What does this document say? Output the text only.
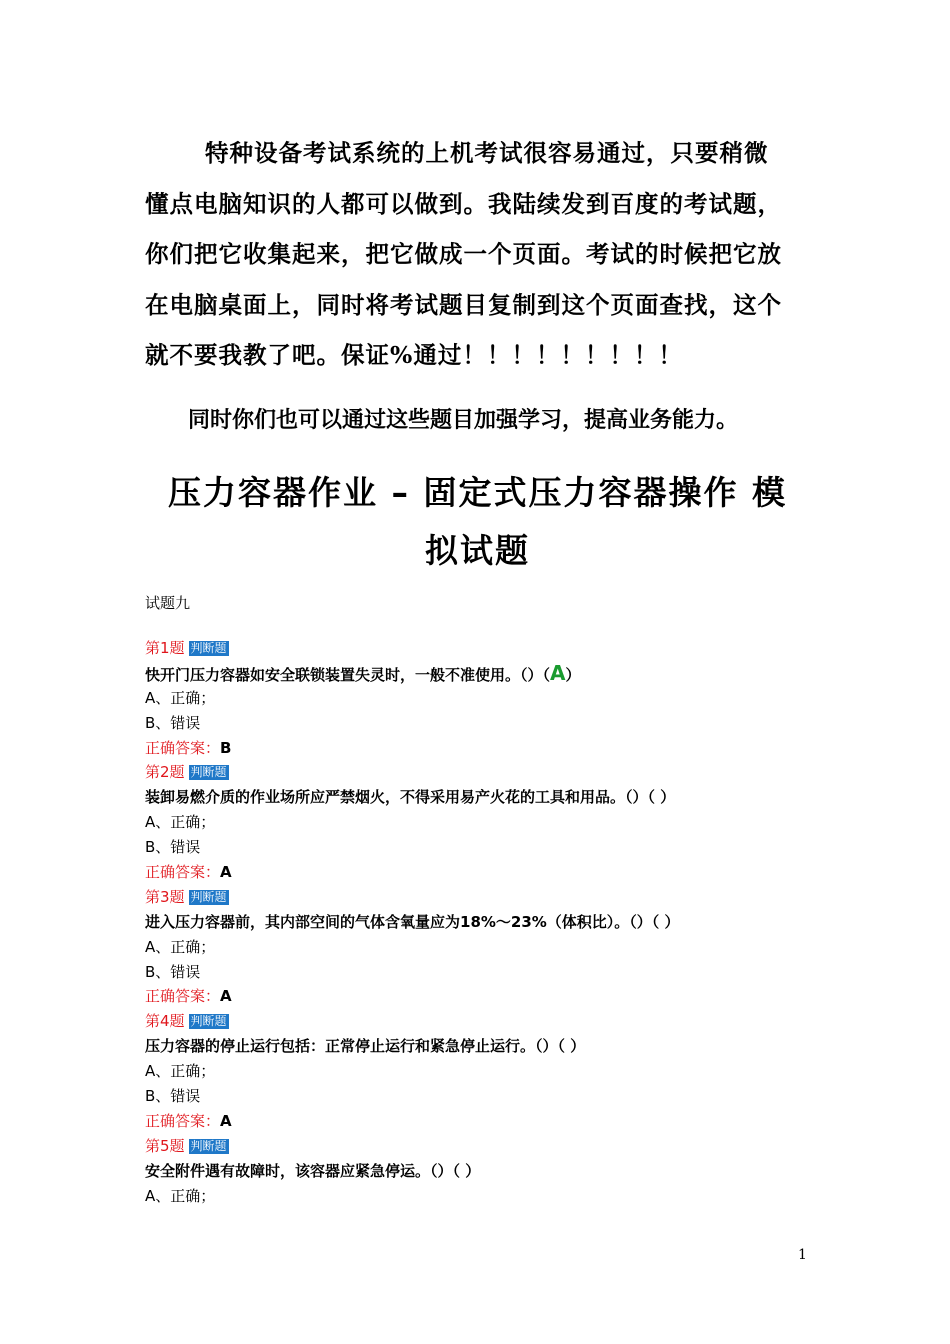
特种设备考试系统的上机考试很容易通过，只要稍微
懂点电脑知识的人都可以做到。我陆续发到百度的考试题，
你们把它收集起来，把它做成一个页面。考试的时候把它放
在电脑桌面上，同时将考试题目复制到这个页面查找，这个
就不要我教了吧。保证%通过！！！！！！！！！

同时你们也可以通过这些题目加强学习，提高业务能力。

压力容器作业 – 固定式压力容器操作 模
拟试题

试题九

第1题 判断题
快开门压力容器如安全联锁装置失灵时，一般不准使用。（）（A）
A、正确；
B、错误
正确答案：B
第2题 判断题
装卸易燃介质的作业场所应严禁烟火，不得采用易产火花的工具和用品。（）（ ）
A、正确；
B、错误
正确答案：A
第3题 判断题
进入压力容器前，其内部空间的气体含氧量应为18%～23%（体积比）。（）（ ）
A、正确；
B、错误
正确答案：A
第4题 判断题
压力容器的停止运行包括：正常停止运行和紧急停止运行。（）（ ）
A、正确；
B、错误
正确答案：A
第5题 判断题
安全附件遇有故障时，该容器应紧急停运。（）（ ）
A、正确；
1
